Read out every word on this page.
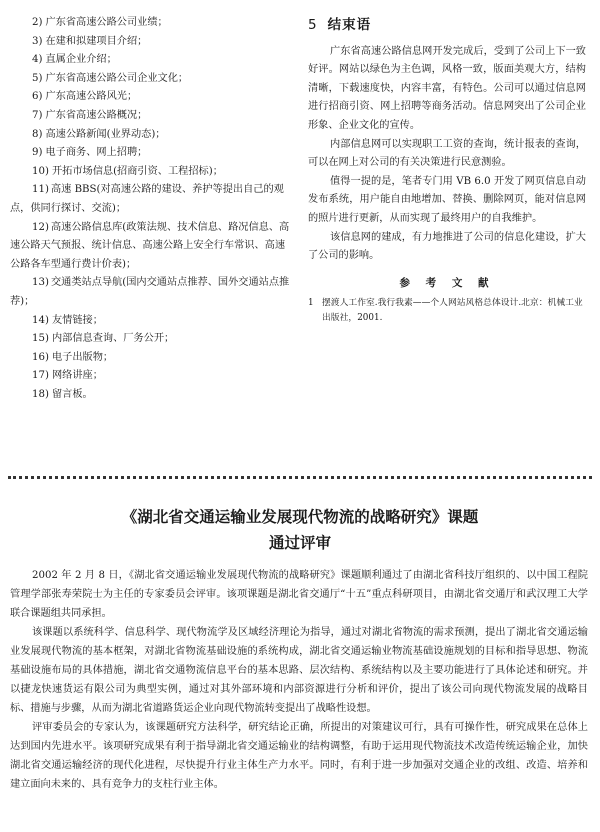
2) 广东省高速公路公司业绩；
3) 在建和拟建项目介绍；
4) 直属企业介绍；
5) 广东省高速公路公司企业文化；
6) 广东高速公路风光；
7) 广东省高速公路概况；
8) 高速公路新闻(业界动态)；
9) 电子商务、网上招聘；
10) 开拓市场信息(招商引资、工程招标)；
11) 高速 BBS(对高速公路的建设、养护等提出自己的观点，供同行探讨、交流)；
12) 高速公路信息库(政策法规、技术信息、路况信息、高速公路天气预报、统计信息、高速公路上安全行车常识、高速公路各车型通行费计价表)；
13) 交通类站点导航(国内交通站点推荐、国外交通站点推荐)；
14) 友情链接；
15) 内部信息查询、厂务公开；
16) 电子出版物；
17) 网络讲座；
18) 留言板。
5 结束语

广东省高速公路信息网开发完成后，受到了公司上下一致好评。网站以绿色为主色调，风格一致，版面美观大方，结构清晰，下载速度快，内容丰富，有特色。公司可以通过信息网进行招商引资、网上招聘等商务活动。信息网突出了公司企业形象、企业文化的宣传。

内部信息网可以实现职工工资的查询，统计报表的查询，可以在网上对公司的有关决策进行民意测验。

值得一提的是，笔者专门用 VB 6.0 开发了网页信息自动发布系统，用户能自由地增加、替换、删除网页，能对信息网的照片进行更新，从而实现了最终用户的自我维护。

该信息网的建成，有力地推进了公司的信息化建设，扩大了公司的影响。

参 考 文 献
1 摆渡人工作室.我行我素——个人网站风格总体设计.北京：机械工业出版社，2001.
《湖北省交通运输业发展现代物流的战略研究》课题
通过评审

2002 年 2 月 8 日，《湖北省交通运输业发展现代物流的战略研究》课题顺利通过了由湖北省科技厅组织的、以中国工程院管理学部张寿荣院士为主任的专家委员会评审。该项课题是湖北省交通厅“十五”重点科研项目，由湖北省交通厅和武汉理工大学联合课题组共同承担。

该课题以系统科学、信息科学、现代物流学及区域经济理论为指导，通过对湖北省物流的需求预测，提出了湖北省交通运输业发展现代物流的基本框架，对湖北省物流基础设施的系统构成，湖北省交通运输业物流基础设施规划的目标和指导思想、物流基础设施布局的具体措施，湖北省交通物流信息平台的基本思路、层次结构、系统结构以及主要功能进行了具体论述和研究。并以捷龙快速货运有限公司为典型实例，通过对其外部环境和内部资源进行分析和评价，提出了该公司向现代物流发展的战略目标、措施与步骤，从而为湖北省道路货运企业向现代物流转变提出了战略性设想。

评审委员会的专家认为，该课题研究方法科学，研究结论正确，所提出的对策建议可行，具有可操作性，研究成果在总体上达到国内先进水平。该项研究成果有利于指导湖北省交通运输业的结构调整，有助于运用现代物流技术改造传统运输企业，加快湖北省交通运输经济的现代化进程，尽快提升行业主体生产力水平。同时，有利于进一步加强对交通企业的改组、改造、培养和建立面向未来的、具有竞争力的支柱行业主体。
